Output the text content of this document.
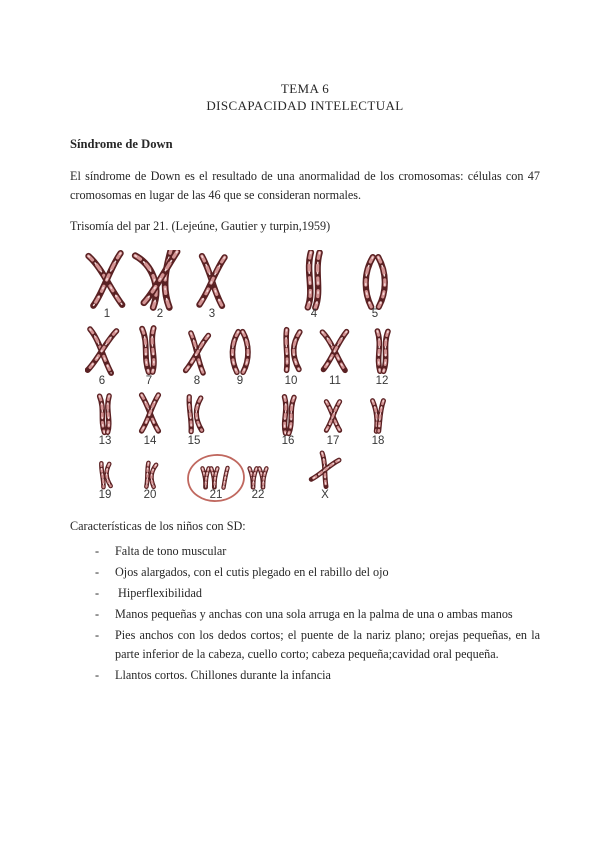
TEMA 6
DISCAPACIDAD INTELECTUAL
Síndrome de Down
El síndrome de Down es el resultado de una anormalidad de los cromosomas: células con 47 cromosomas en lugar de las 46 que se consideran normales.
Trisomía del par 21. (Lejeúne, Gautier y turpin,1959)
1	2	3	4	5
6	7	8	9	10	11	12
13	14	15	16	17	18
19	20	21	22	X
Características de los niños con SD:
-	Falta de tono muscular
-	Ojos alargados, con el cutis plegado en el rabillo del ojo
-	Hiperflexibilidad
-	Manos pequeñas y anchas con una sola arruga en la palma de una o ambas manos
-	Pies anchos con los dedos cortos; el puente de la nariz plano; orejas pequeñas, en la parte inferior de la cabeza, cuello corto; cabeza pequeña;cavidad oral pequeña.
-	Llantos cortos. Chillones durante la infancia
